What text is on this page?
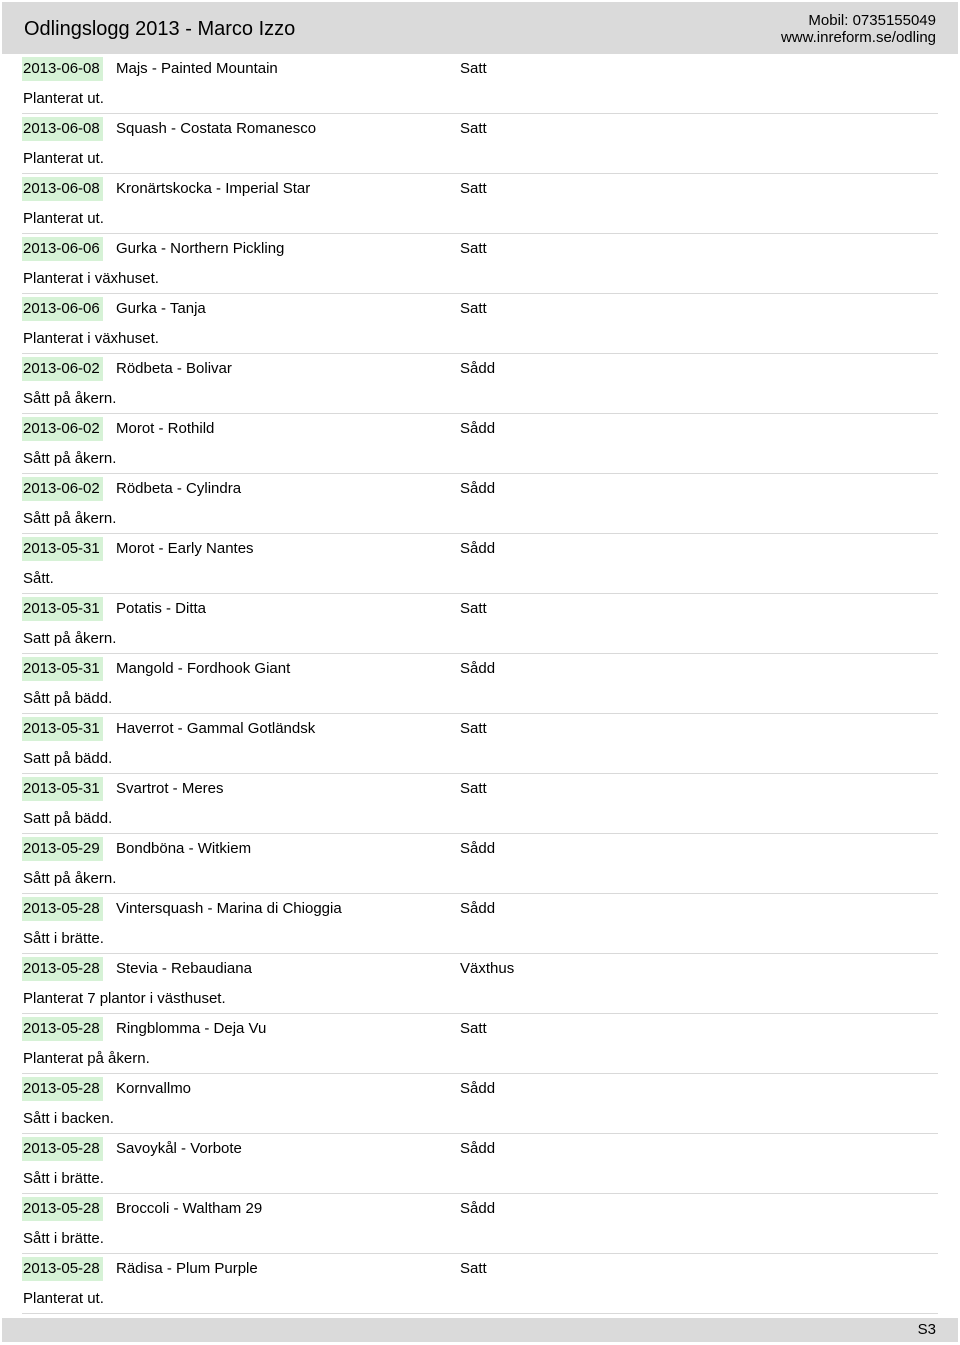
Odlingslogg 2013 - Marco Izzo	Mobil: 0735155049
www.inreform.se/odling
2013-06-08 Majs - Painted Mountain	Satt
Planterat ut.
2013-06-08 Squash - Costata Romanesco	Satt
Planterat ut.
2013-06-08 Kronärtskocka - Imperial Star	Satt
Planterat ut.
2013-06-06 Gurka - Northern Pickling	Satt
Planterat i växhuset.
2013-06-06 Gurka - Tanja	Satt
Planterat i växhuset.
2013-06-02 Rödbeta - Bolivar	Sådd
Sått på åkern.
2013-06-02 Morot - Rothild	Sådd
Sått på åkern.
2013-06-02 Rödbeta - Cylindra	Sådd
Sått på åkern.
2013-05-31 Morot - Early Nantes	Sådd
Sått.
2013-05-31 Potatis - Ditta	Satt
Satt på åkern.
2013-05-31 Mangold - Fordhook Giant	Sådd
Sått på bädd.
2013-05-31 Haverrot - Gammal Gotländsk	Satt
Satt på bädd.
2013-05-31 Svartrot - Meres	Satt
Satt på bädd.
2013-05-29 Bondböna - Witkiem	Sådd
Sått på åkern.
2013-05-28 Vintersquash - Marina di Chioggia	Sådd
Sått i brätte.
2013-05-28 Stevia - Rebaudiana	Växthus
Planterat 7 plantor i västhuset.
2013-05-28 Ringblomma - Deja Vu	Satt
Planterat på åkern.
2013-05-28 Kornvallmo	Sådd
Sått i backen.
2013-05-28 Savoykål - Vorbote	Sådd
Sått i brätte.
2013-05-28 Broccoli - Waltham 29	Sådd
Sått i brätte.
2013-05-28 Rädisa - Plum Purple	Satt
Planterat ut.
S3
